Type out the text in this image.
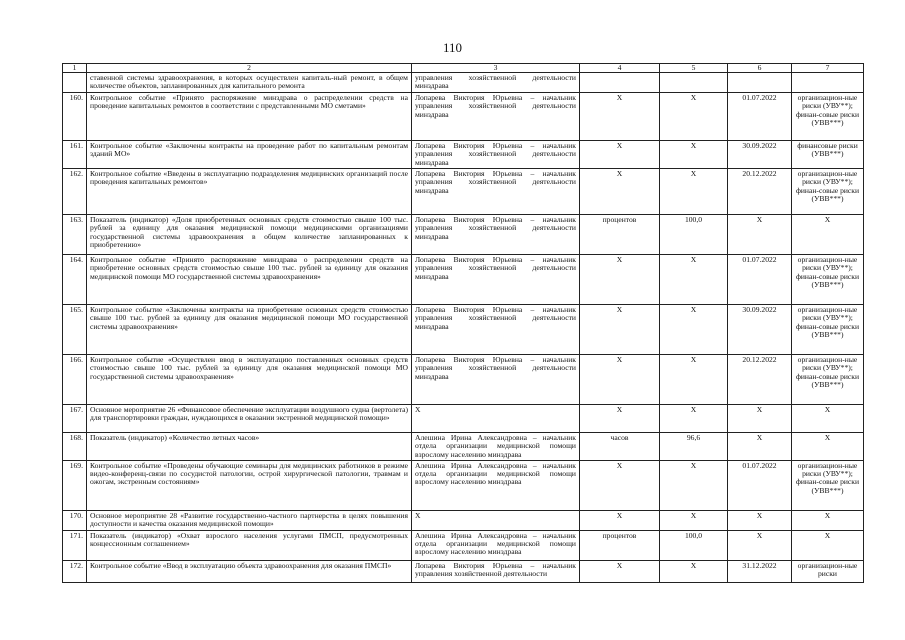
110
1	2	3	4	5	6	7
	ставенной системы здравоохранения, в которых осуществлен капиталь-ный ремонт, в общем количестве объектов, запланированных для капитального ремонта	управления хозяйственной деятельности минздрава				
160.	Контрольное событие «Принято распоряжение минздрава о распределении средств на проведение капитальных ремонтов в соответствии с представленными МО сметами»	Лопарева Виктория Юрьевна – начальник управления хозяйственной деятельности минздрава	X	X	01.07.2022	организацион-ные риски (УВУ**); финан-совые риски (УВВ***)
161.	Контрольное событие «Заключены контракты на проведение работ по капитальным ремонтам зданий МО»	Лопарева Виктория Юрьевна – начальник управления хозяйственной деятельности минздрава	X	X	30.09.2022	финансовые риски (УВВ***)
162.	Контрольное событие «Введены в эксплуатацию подразделения медицинских организаций после проведения капитальных ремонтов»	Лопарева Виктория Юрьевна – начальник управления хозяйственной деятельности минздрава	X	X	20.12.2022	организацион-ные риски (УВУ**); финан-совые риски (УВВ***)
163.	Показатель (индикатор) «Доля приобретенных основных средств стоимостью свыше 100 тыс. рублей за единицу для оказания медицинской помощи медицинскими организациями государственной системы здравоохранения в общем количестве запланированных к приобретению»	Лопарева Виктория Юрьевна – начальник управления хозяйственной деятельности минздрава	процентов	100,0	X	X
164.	Контрольное событие «Принято распоряжение минздрава о распределении средств на приобретение основных средств стоимостью свыше 100 тыс. рублей за единицу для оказания медицинской помощи МО государственной системы здравоохранения»	Лопарева Виктория Юрьевна – начальник управления хозяйственной деятельности минздрава	X	X	01.07.2022	организацион-ные риски (УВУ**); финан-совые риски (УВВ***)
165.	Контрольное событие «Заключены контракты на приобретение основных средств стоимостью свыше 100 тыс. рублей за единицу для оказания медицинской помощи МО государственной системы здравоохранения»	Лопарева Виктория Юрьевна – начальник управления хозяйственной деятельности минздрава	X	X	30.09.2022	организацион-ные риски (УВУ**); финан-совые риски (УВВ***)
166.	Контрольное событие «Осуществлен ввод в эксплуатацию поставленных основных средств стоимостью свыше 100 тыс. рублей за единицу для оказания медицинской помощи МО государственной системы здравоохранения»	Лопарева Виктория Юрьевна – начальник управления хозяйственной деятельности минздрава	X	X	20.12.2022	организацион-ные риски (УВУ**); финан-совые риски (УВВ***)
167.	Основное мероприятие 26 «Финансовое обеспечение эксплуатации воздушного судна (вертолета) для транспортировки граждан, нуждающихся в оказании экстренной медицинской помощи»	X	X	X	X	X
168.	Показатель (индикатор) «Количество летных часов»	Алешина Ирина Александровна – начальник отдела организации медицинской помощи взрослому населению минздрава	часов	96,6	X	X
169.	Контрольное событие «Проведены обучающие семинары для медицинских работников в режиме видео-конференц-связи по сосудистой патологии, острой хирургической патологии, травмам и ожогам, экстренным состояниям»	Алешина Ирина Александровна – начальник отдела организации медицинской помощи взрослому населению минздрава	X	X	01.07.2022	организацион-ные риски (УВУ**); финан-совые риски (УВВ***)
170.	Основное мероприятие 28 «Развитие государственно-частного партнерства в целях повышения доступности и качества оказания медицинской помощи»	X	X	X	X	X
171.	Показатель (индикатор) «Охват взрослого населения услугами ПМСП, предусмотренных концессионным соглашением»	Алешина Ирина Александровна – начальник отдела организации медицинской помощи взрослому населению минздрава	процентов	100,0	X	X
172.	Контрольное событие «Ввод в эксплуатацию объекта здравоохранения для оказания ПМСП»	Лопарева Виктория Юрьевна – начальник управления хозяйственной деятельности	X	X	31.12.2022	организацион-ные риски
